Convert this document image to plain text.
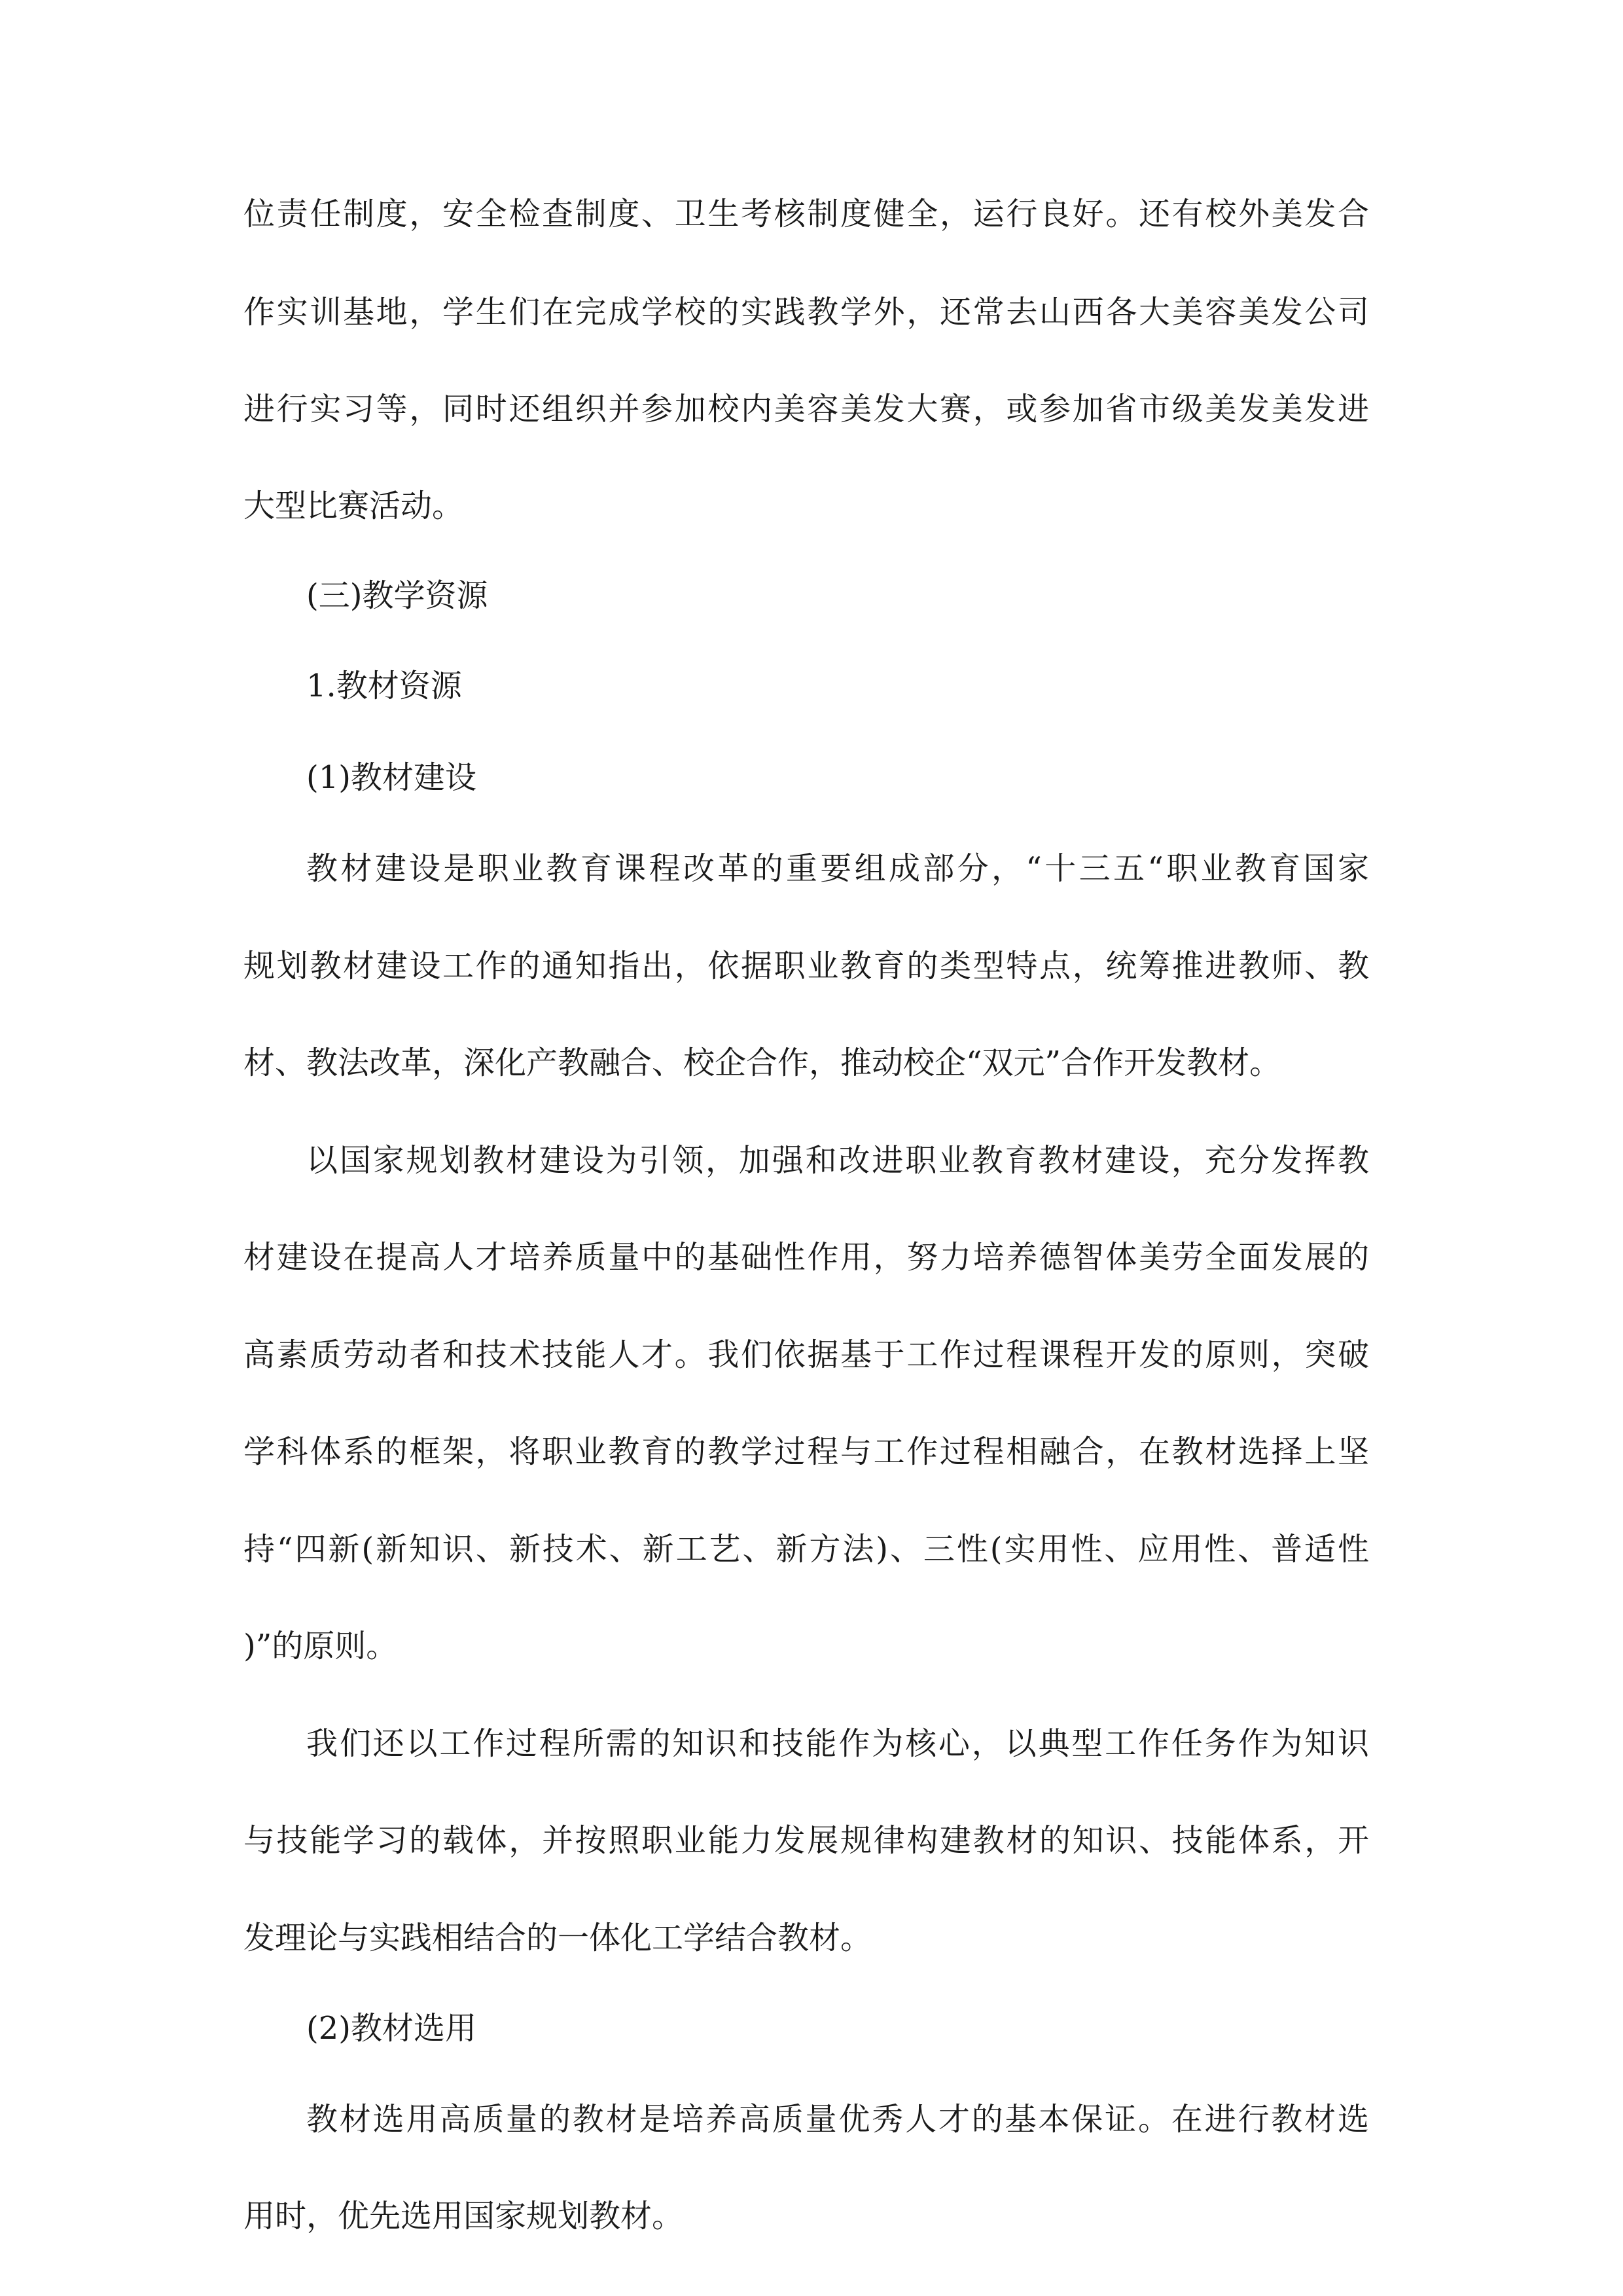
位责任制度，安全检查制度、卫生考核制度健全，运行良好。还有校外美发合
作实训基地，学生们在完成学校的实践教学外，还常去山西各大美容美发公司
进行实习等，同时还组织并参加校内美容美发大赛，或参加省市级美发美发进
大型比赛活动。
(三)教学资源
1.教材资源
(1)教材建设
教材建设是职业教育课程改革的重要组成部分，“十三五“职业教育国家
规划教材建设工作的通知指出，依据职业教育的类型特点，统筹推进教师、教
材、教法改革，深化产教融合、校企合作，推动校企“双元”合作开发教材。
以国家规划教材建设为引领，加强和改进职业教育教材建设，充分发挥教
材建设在提高人才培养质量中的基础性作用，努力培养德智体美劳全面发展的
高素质劳动者和技术技能人才。我们依据基于工作过程课程开发的原则，突破
学科体系的框架，将职业教育的教学过程与工作过程相融合，在教材选择上坚
持“四新(新知识、新技术、新工艺、新方法)、三性(实用性、应用性、普适性
)”的原则。
我们还以工作过程所需的知识和技能作为核心，以典型工作任务作为知识
与技能学习的载体，并按照职业能力发展规律构建教材的知识、技能体系，开
发理论与实践相结合的一体化工学结合教材。
(2)教材选用
教材选用高质量的教材是培养高质量优秀人才的基本保证。在进行教材选
用时，优先选用国家规划教材。
